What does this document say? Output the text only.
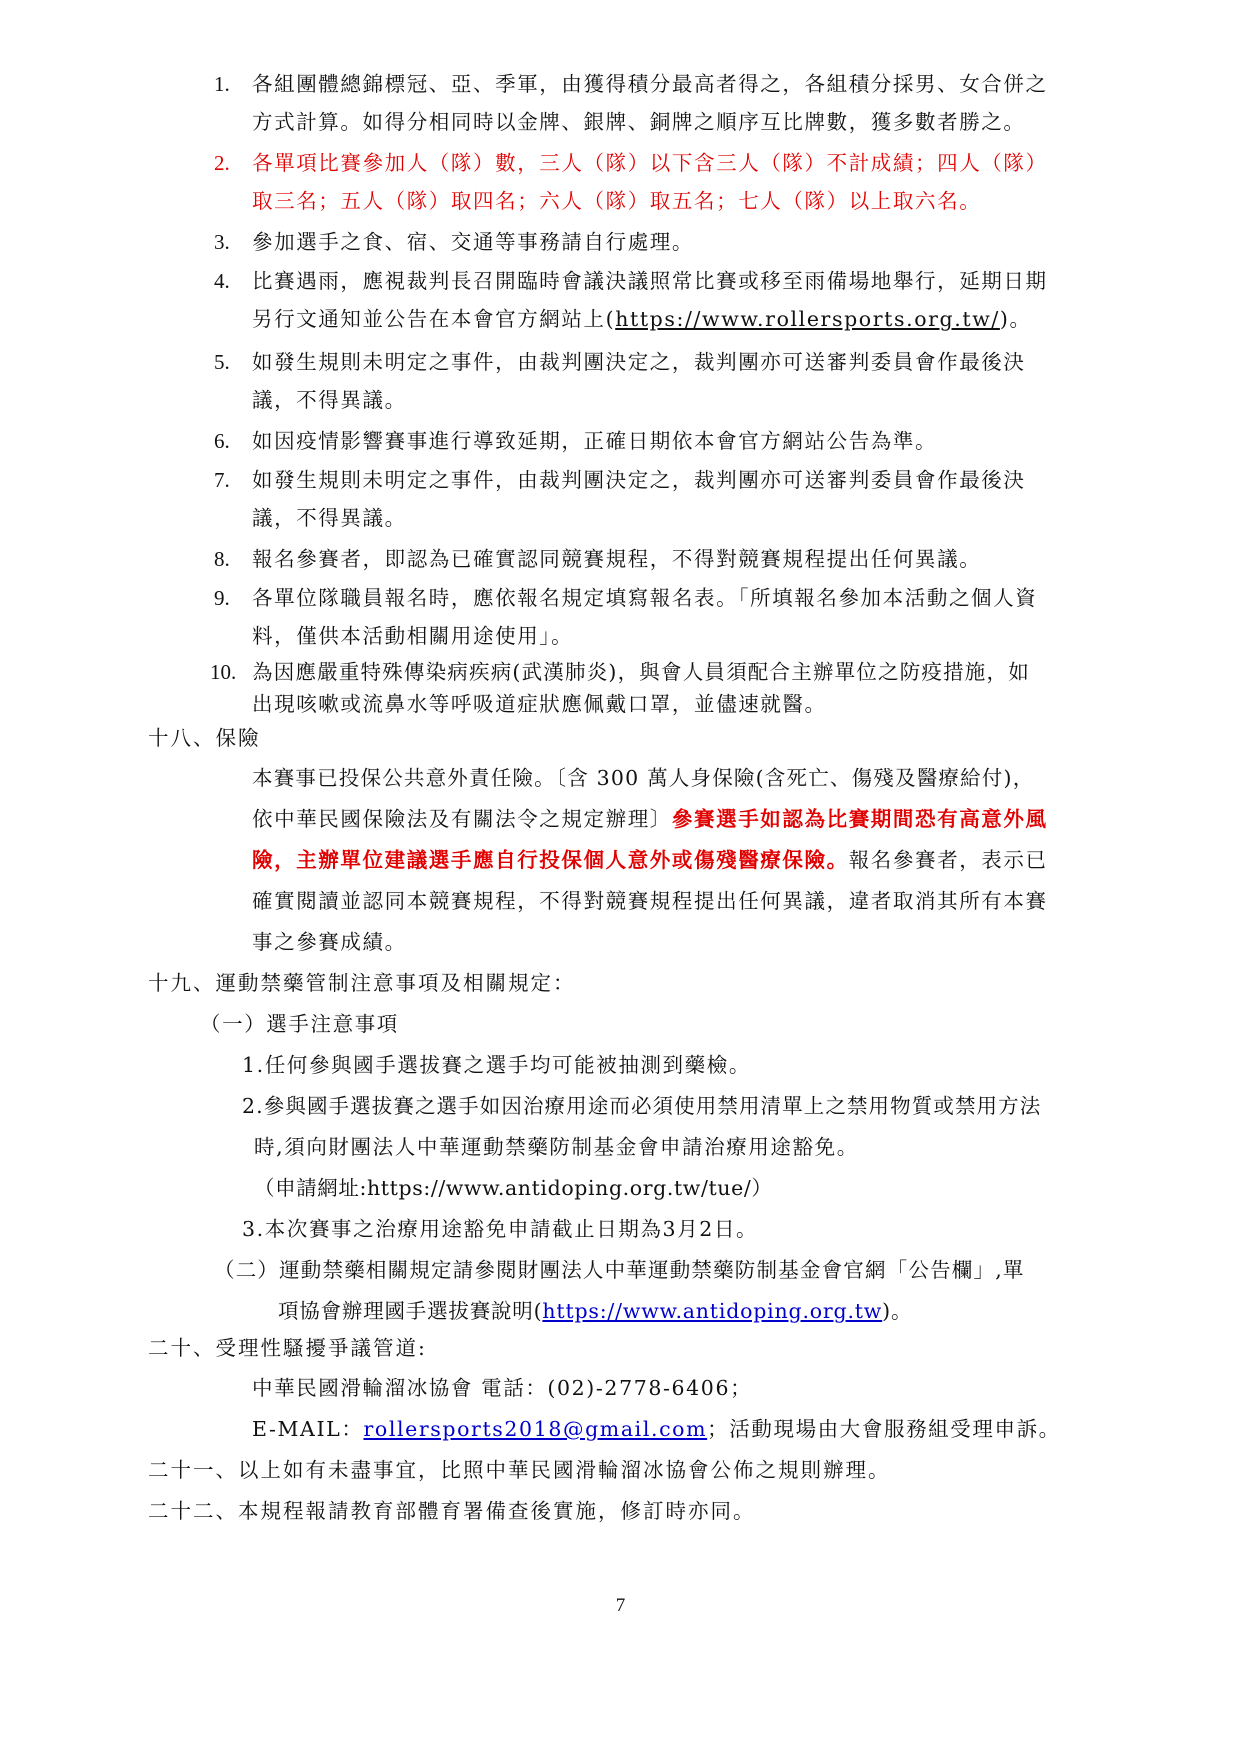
1. 各組團體總錦標冠、亞、季軍，由獲得積分最高者得之，各組積分採男、女合併之
方式計算。如得分相同時以金牌、銀牌、銅牌之順序互比牌數，獲多數者勝之。
2. 各單項比賽參加人（隊）數，三人（隊）以下含三人（隊）不計成績；四人（隊）
取三名；五人（隊）取四名；六人（隊）取五名；七人（隊）以上取六名。
3. 參加選手之食、宿、交通等事務請自行處理。
4. 比賽遇雨，應視裁判長召開臨時會議決議照常比賽或移至雨備場地舉行，延期日期
另行文通知並公告在本會官方網站上(https://www.rollersports.org.tw/)。
5. 如發生規則未明定之事件，由裁判團決定之，裁判團亦可送審判委員會作最後決
議，不得異議。
6. 如因疫情影響賽事進行導致延期，正確日期依本會官方網站公告為準。
7. 如發生規則未明定之事件，由裁判團決定之，裁判團亦可送審判委員會作最後決
議，不得異議。
8. 報名參賽者，即認為已確實認同競賽規程，不得對競賽規程提出任何異議。
9. 各單位隊職員報名時，應依報名規定填寫報名表。「所填報名參加本活動之個人資
料，僅供本活動相關用途使用」。
10. 為因應嚴重特殊傳染病疾病(武漢肺炎)，與會人員須配合主辦單位之防疫措施，如
出現咳嗽或流鼻水等呼吸道症狀應佩戴口罩，並儘速就醫。
十八、保險
本賽事已投保公共意外責任險。〔含 300 萬人身保險(含死亡、傷殘及醫療給付)，
依中華民國保險法及有關法令之規定辦理〕參賽選手如認為比賽期間恐有高意外風
險，主辦單位建議選手應自行投保個人意外或傷殘醫療保險。報名參賽者，表示已
確實閱讀並認同本競賽規程，不得對競賽規程提出任何異議，違者取消其所有本賽
事之參賽成績。
十九、運動禁藥管制注意事項及相關規定：
（一）選手注意事項
1.任何參與國手選拔賽之選手均可能被抽測到藥檢。
2.參與國手選拔賽之選手如因治療用途而必須使用禁用清單上之禁用物質或禁用方法
時,須向財團法人中華運動禁藥防制基金會申請治療用途豁免。
（申請網址:https://www.antidoping.org.tw/tue/）
3.本次賽事之治療用途豁免申請截止日期為3月2日。
（二）運動禁藥相關規定請參閱財團法人中華運動禁藥防制基金會官網「公告欄」,單
項協會辦理國手選拔賽說明(https://www.antidoping.org.tw)。
二十、受理性騷擾爭議管道:
中華民國滑輪溜冰協會 電話：(02)-2778-6406；
E-MAIL：rollersports2018@gmail.com；活動現場由大會服務組受理申訴。
二十一、以上如有未盡事宜，比照中華民國滑輪溜冰協會公佈之規則辦理。
二十二、本規程報請教育部體育署備查後實施，修訂時亦同。
7
